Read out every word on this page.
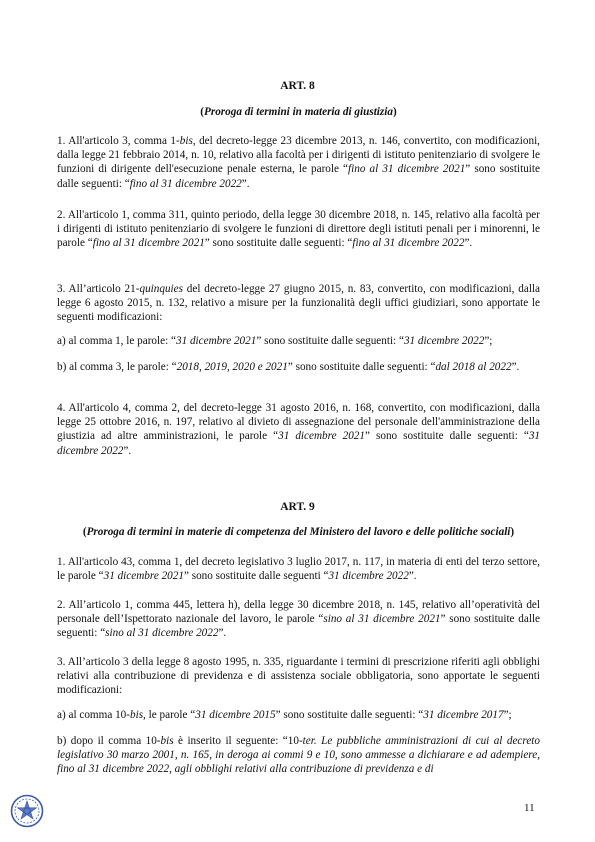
ART. 8
(Proroga di termini in materia di giustizia)

1. All'articolo 3, comma 1-bis, del decreto-legge 23 dicembre 2013, n. 146, convertito, con modificazioni, dalla legge 21 febbraio 2014, n. 10, relativo alla facoltà per i dirigenti di istituto penitenziario di svolgere le funzioni di dirigente dell'esecuzione penale esterna, le parole “fino al 31 dicembre 2021” sono sostituite dalle seguenti: “fino al 31 dicembre 2022”.

2. All'articolo 1, comma 311, quinto periodo, della legge 30 dicembre 2018, n. 145, relativo alla facoltà per i dirigenti di istituto penitenziario di svolgere le funzioni di direttore degli istituti penali per i minorenni, le parole “fino al 31 dicembre 2021” sono sostituite dalle seguenti: “fino al 31 dicembre 2022”.

3. All’articolo 21-quinquies del decreto-legge 27 giugno 2015, n. 83, convertito, con modificazioni, dalla legge 6 agosto 2015, n. 132, relativo a misure per la funzionalità degli uffici giudiziari, sono apportate le seguenti modificazioni:

a) al comma 1, le parole: “31 dicembre 2021” sono sostituite dalle seguenti: “31 dicembre 2022”;

b) al comma 3, le parole: “2018, 2019, 2020 e 2021” sono sostituite dalle seguenti: “dal 2018 al 2022”.

4. All'articolo 4, comma 2, del decreto-legge 31 agosto 2016, n. 168, convertito, con modificazioni, dalla legge 25 ottobre 2016, n. 197, relativo al divieto di assegnazione del personale dell'amministrazione della giustizia ad altre amministrazioni, le parole “31 dicembre 2021” sono sostituite dalle seguenti: “31 dicembre 2022”.

ART. 9
(Proroga di termini in materie di competenza del Ministero del lavoro e delle politiche sociali)

1. All'articolo 43, comma 1, del decreto legislativo 3 luglio 2017, n. 117, in materia di enti del terzo settore, le parole “31 dicembre 2021” sono sostituite dalle seguenti “31 dicembre 2022”.

2. All’articolo 1, comma 445, lettera h), della legge 30 dicembre 2018, n. 145, relativo all’operatività del personale dell’Ispettorato nazionale del lavoro, le parole “sino al 31 dicembre 2021” sono sostituite dalle seguenti: “sino al 31 dicembre 2022”.

3. All’articolo 3 della legge 8 agosto 1995, n. 335, riguardante i termini di prescrizione riferiti agli obblighi relativi alla contribuzione di previdenza e di assistenza sociale obbligatoria, sono apportate le seguenti modificazioni:

a) al comma 10-bis, le parole “31 dicembre 2015” sono sostituite dalle seguenti: “31 dicembre 2017”;

b) dopo il comma 10-bis è inserito il seguente: “10-ter. Le pubbliche amministrazioni di cui al decreto legislativo 30 marzo 2001, n. 165, in deroga ai commi 9 e 10, sono ammesse a dichiarare e ad adempiere, fino al 31 dicembre 2022, agli obblighi relativi alla contribuzione di previdenza e di

11
